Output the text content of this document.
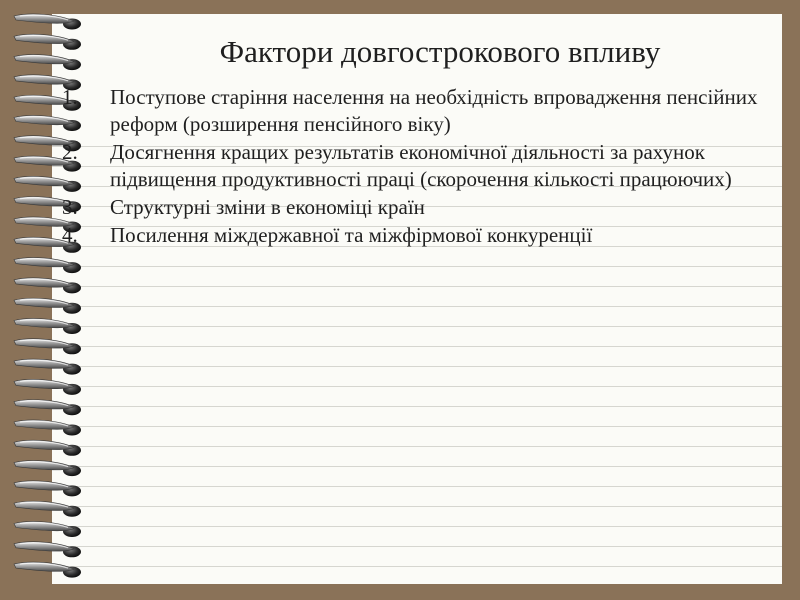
Фактори довгострокового впливу
1.	Поступове старіння населення на необхідність впровадження пенсійних реформ (розширення пенсійного віку)
2.	Досягнення кращих результатів економічної діяльності за рахунок підвищення продуктивності праці (скорочення кількості працюючих)
3.	Структурні зміни в економіці країн
4.	Посилення міждержавної та міжфірмової конкуренції
